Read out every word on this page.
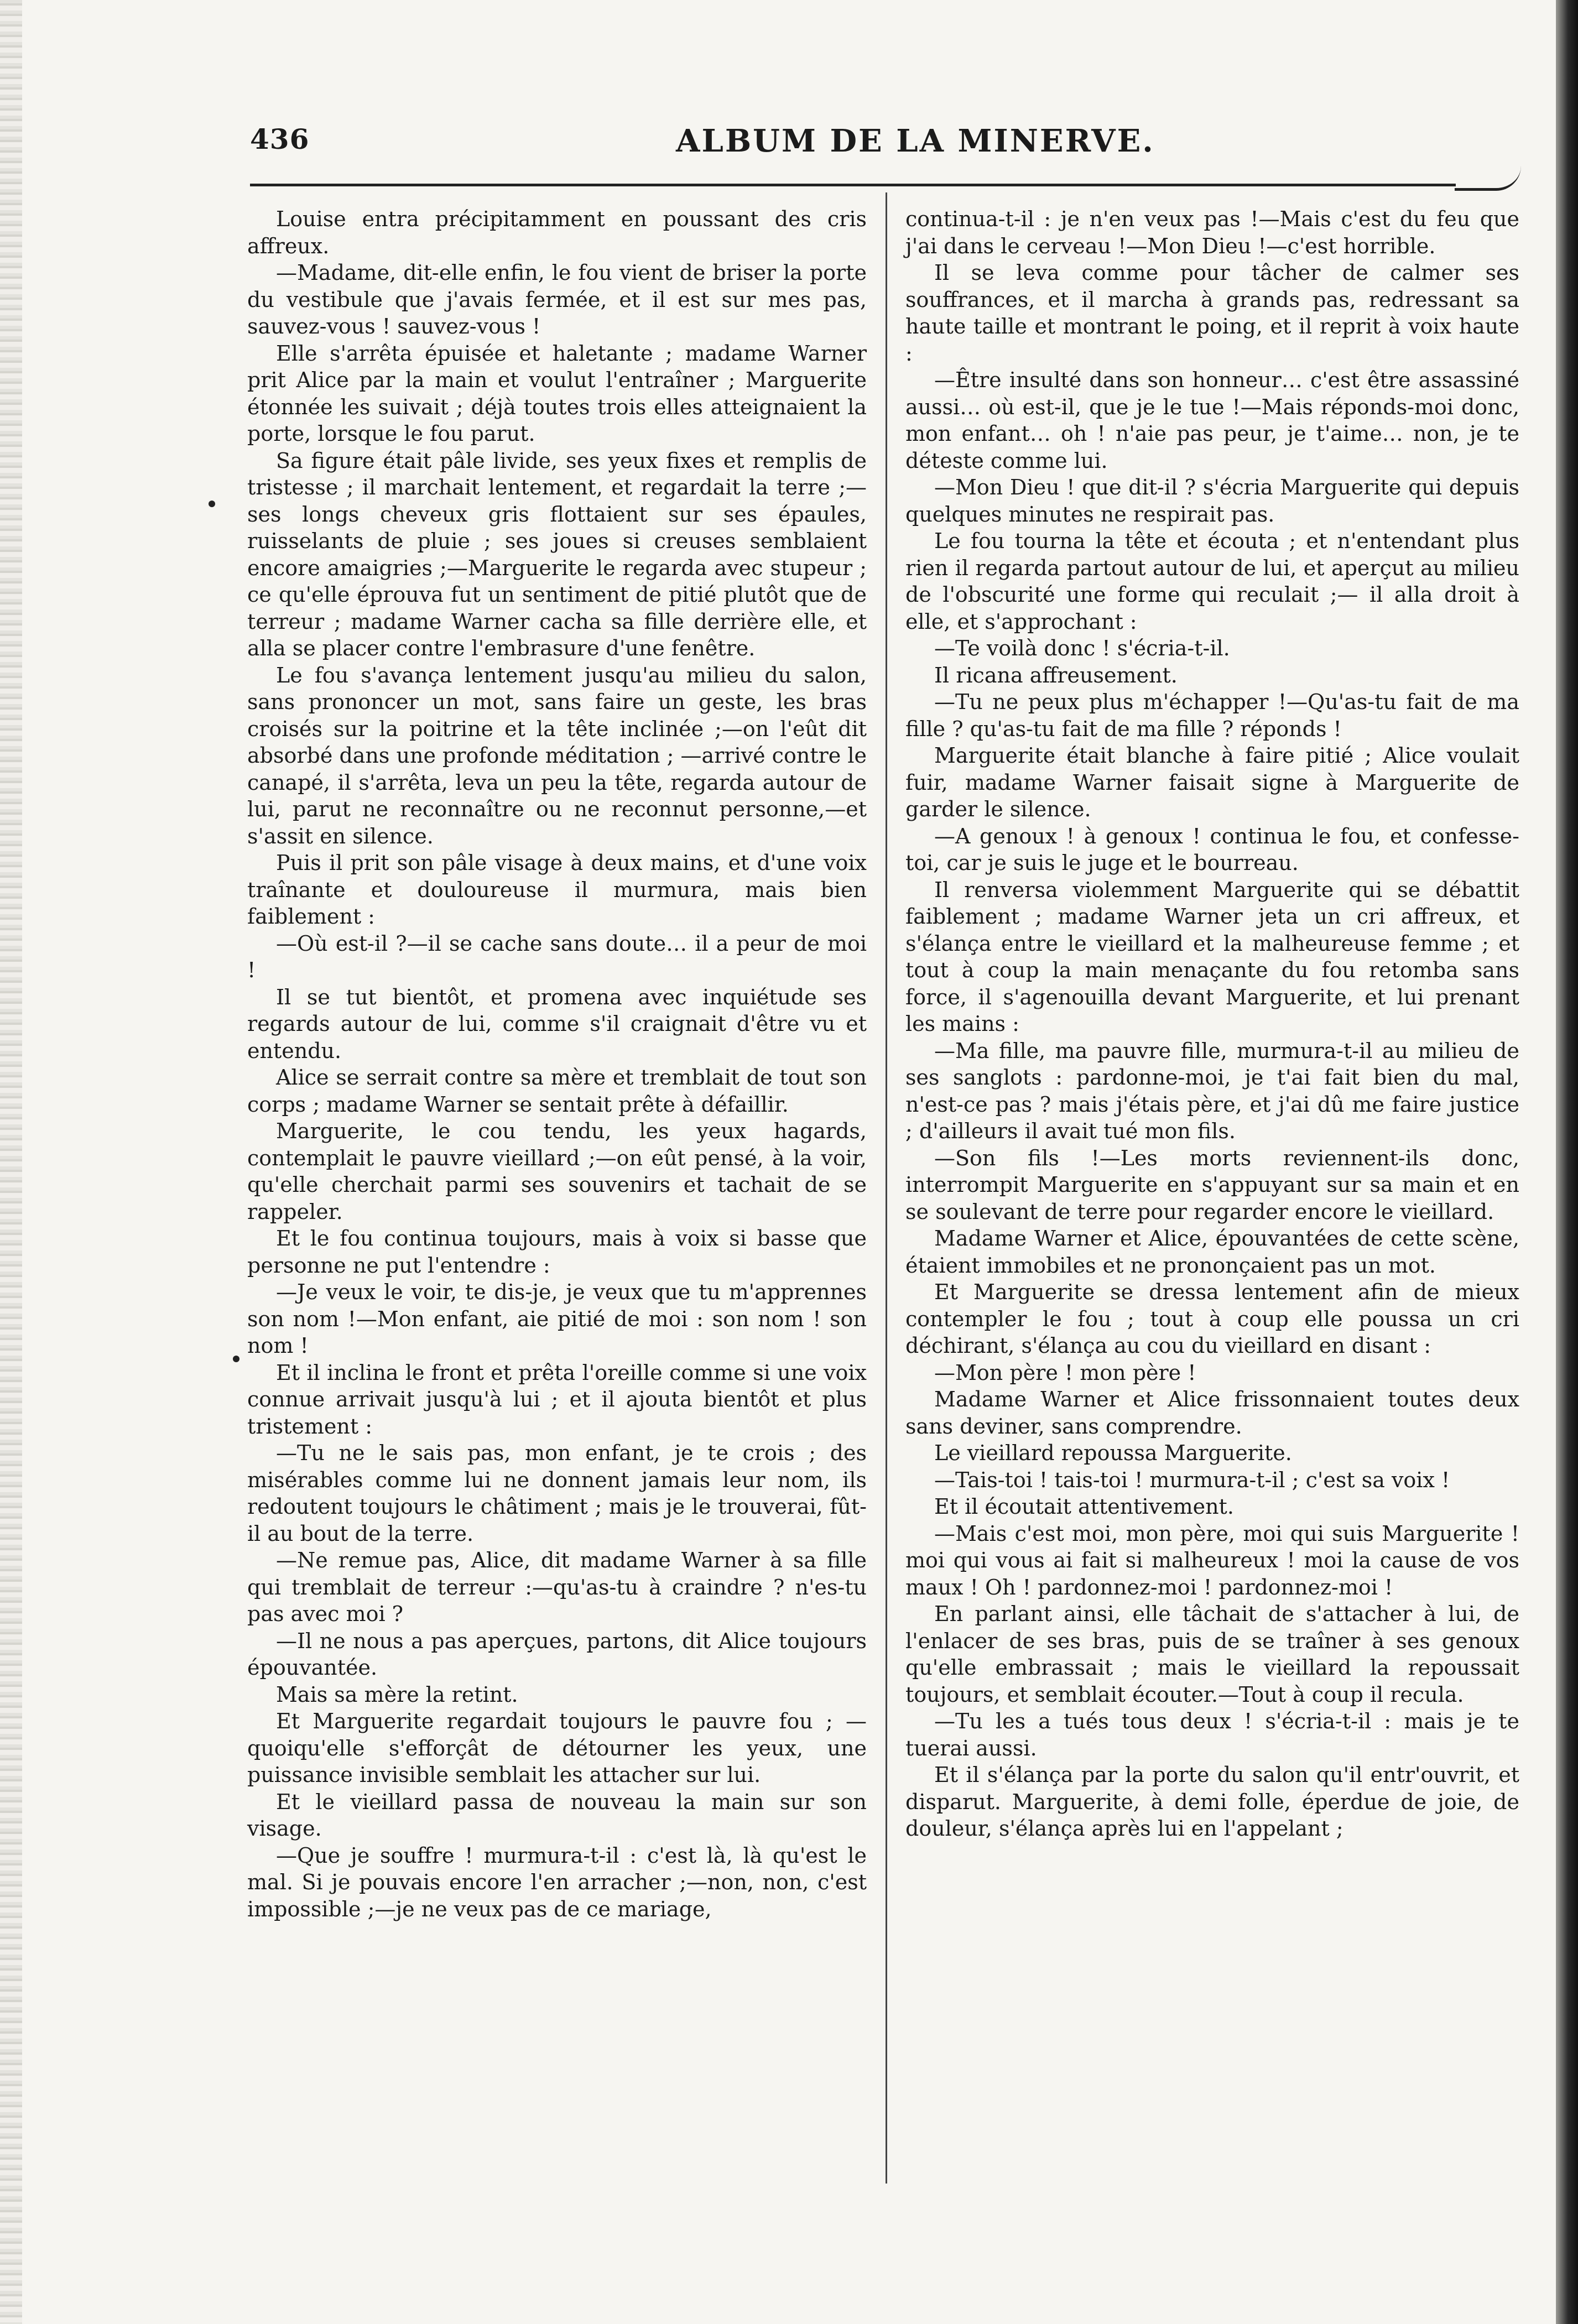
436	ALBUM DE LA MINERVE.

Louise entra précipitamment en poussant des cris affreux.

—Madame, dit-elle enfin, le fou vient de briser la porte du vestibule que j'avais fermée, et il est sur mes pas, sauvez-vous ! sauvez-vous !

Elle s'arrêta épuisée et haletante ; madame Warner prit Alice par la main et voulut l'entraîner ; Marguerite étonnée les suivait ; déjà toutes trois elles atteignaient la porte, lorsque le fou parut.

Sa figure était pâle livide, ses yeux fixes et remplis de tristesse ; il marchait lentement, et regardait la terre ;—ses longs cheveux gris flottaient sur ses épaules, ruisselants de pluie ; ses joues si creuses semblaient encore amaigries ;—Marguerite le regarda avec stupeur ; ce qu'elle éprouva fut un sentiment de pitié plutôt que de terreur ; madame Warner cacha sa fille derrière elle, et alla se placer contre l'embrasure d'une fenêtre.

Le fou s'avança lentement jusqu'au milieu du salon, sans prononcer un mot, sans faire un geste, les bras croisés sur la poitrine et la tête inclinée ;—on l'eût dit absorbé dans une profonde méditation ; —arrivé contre le canapé, il s'arrêta, leva un peu la tête, regarda autour de lui, parut ne reconnaître ou ne reconnut personne,—et s'assit en silence.

Puis il prit son pâle visage à deux mains, et d'une voix traînante et douloureuse il murmura, mais bien faiblement :

—Où est-il ?—il se cache sans doute… il a peur de moi !

Il se tut bientôt, et promena avec inquiétude ses regards autour de lui, comme s'il craignait d'être vu et entendu.

Alice se serrait contre sa mère et tremblait de tout son corps ; madame Warner se sentait prête à défaillir.

Marguerite, le cou tendu, les yeux hagards, contemplait le pauvre vieillard ;—on eût pensé, à la voir, qu'elle cherchait parmi ses souvenirs et tachait de se rappeler.

Et le fou continua toujours, mais à voix si basse que personne ne put l'entendre :

—Je veux le voir, te dis-je, je veux que tu m'apprennes son nom !—Mon enfant, aie pitié de moi : son nom ! son nom !

Et il inclina le front et prêta l'oreille comme si une voix connue arrivait jusqu'à lui ; et il ajouta bientôt et plus tristement :

—Tu ne le sais pas, mon enfant, je te crois ; des misérables comme lui ne donnent jamais leur nom, ils redoutent toujours le châtiment ; mais je le trouverai, fût-il au bout de la terre.

—Ne remue pas, Alice, dit madame Warner à sa fille qui tremblait de terreur :—qu'as-tu à craindre ? n'es-tu pas avec moi ?

—Il ne nous a pas aperçues, partons, dit Alice toujours épouvantée.

Mais sa mère la retint.

Et Marguerite regardait toujours le pauvre fou ; —quoiqu'elle s'efforçât de détourner les yeux, une puissance invisible semblait les attacher sur lui.

Et le vieillard passa de nouveau la main sur son visage.

—Que je souffre ! murmura-t-il : c'est là, là qu'est le mal. Si je pouvais encore l'en arracher ;—non, non, c'est impossible ;—je ne veux pas de ce mariage,

continua-t-il : je n'en veux pas !—Mais c'est du feu que j'ai dans le cerveau !—Mon Dieu !—c'est horrible.

Il se leva comme pour tâcher de calmer ses souffrances, et il marcha à grands pas, redressant sa haute taille et montrant le poing, et il reprit à voix haute :

—Être insulté dans son honneur… c'est être assassiné aussi… où est-il, que je le tue !—Mais réponds-moi donc, mon enfant… oh ! n'aie pas peur, je t'aime… non, je te déteste comme lui.

—Mon Dieu ! que dit-il ? s'écria Marguerite qui depuis quelques minutes ne respirait pas.

Le fou tourna la tête et écouta ; et n'entendant plus rien il regarda partout autour de lui, et aperçut au milieu de l'obscurité une forme qui reculait ;— il alla droit à elle, et s'approchant :

—Te voilà donc ! s'écria-t-il.

Il ricana affreusement.

—Tu ne peux plus m'échapper !—Qu'as-tu fait de ma fille ? qu'as-tu fait de ma fille ? réponds !

Marguerite était blanche à faire pitié ; Alice voulait fuir, madame Warner faisait signe à Marguerite de garder le silence.

—A genoux ! à genoux ! continua le fou, et confesse-toi, car je suis le juge et le bourreau.

Il renversa violemment Marguerite qui se débattit faiblement ; madame Warner jeta un cri affreux, et s'élança entre le vieillard et la malheureuse femme ; et tout à coup la main menaçante du fou retomba sans force, il s'agenouilla devant Marguerite, et lui prenant les mains :

—Ma fille, ma pauvre fille, murmura-t-il au milieu de ses sanglots : pardonne-moi, je t'ai fait bien du mal, n'est-ce pas ? mais j'étais père, et j'ai dû me faire justice ; d'ailleurs il avait tué mon fils.

—Son fils !—Les morts reviennent-ils donc, interrompit Marguerite en s'appuyant sur sa main et en se soulevant de terre pour regarder encore le vieillard.

Madame Warner et Alice, épouvantées de cette scène, étaient immobiles et ne prononçaient pas un mot.

Et Marguerite se dressa lentement afin de mieux contempler le fou ; tout à coup elle poussa un cri déchirant, s'élança au cou du vieillard en disant :

—Mon père ! mon père !

Madame Warner et Alice frissonnaient toutes deux sans deviner, sans comprendre.

Le vieillard repoussa Marguerite.

—Tais-toi ! tais-toi ! murmura-t-il ; c'est sa voix !

Et il écoutait attentivement.

—Mais c'est moi, mon père, moi qui suis Marguerite ! moi qui vous ai fait si malheureux ! moi la cause de vos maux ! Oh ! pardonnez-moi ! pardonnez-moi !

En parlant ainsi, elle tâchait de s'attacher à lui, de l'enlacer de ses bras, puis de se traîner à ses genoux qu'elle embrassait ; mais le vieillard la repoussait toujours, et semblait écouter.—Tout à coup il recula.

—Tu les a tués tous deux ! s'écria-t-il : mais je te tuerai aussi.

Et il s'élança par la porte du salon qu'il entr'ouvrit, et disparut. Marguerite, à demi folle, éperdue de joie, de douleur, s'élança après lui en l'appelant ;
